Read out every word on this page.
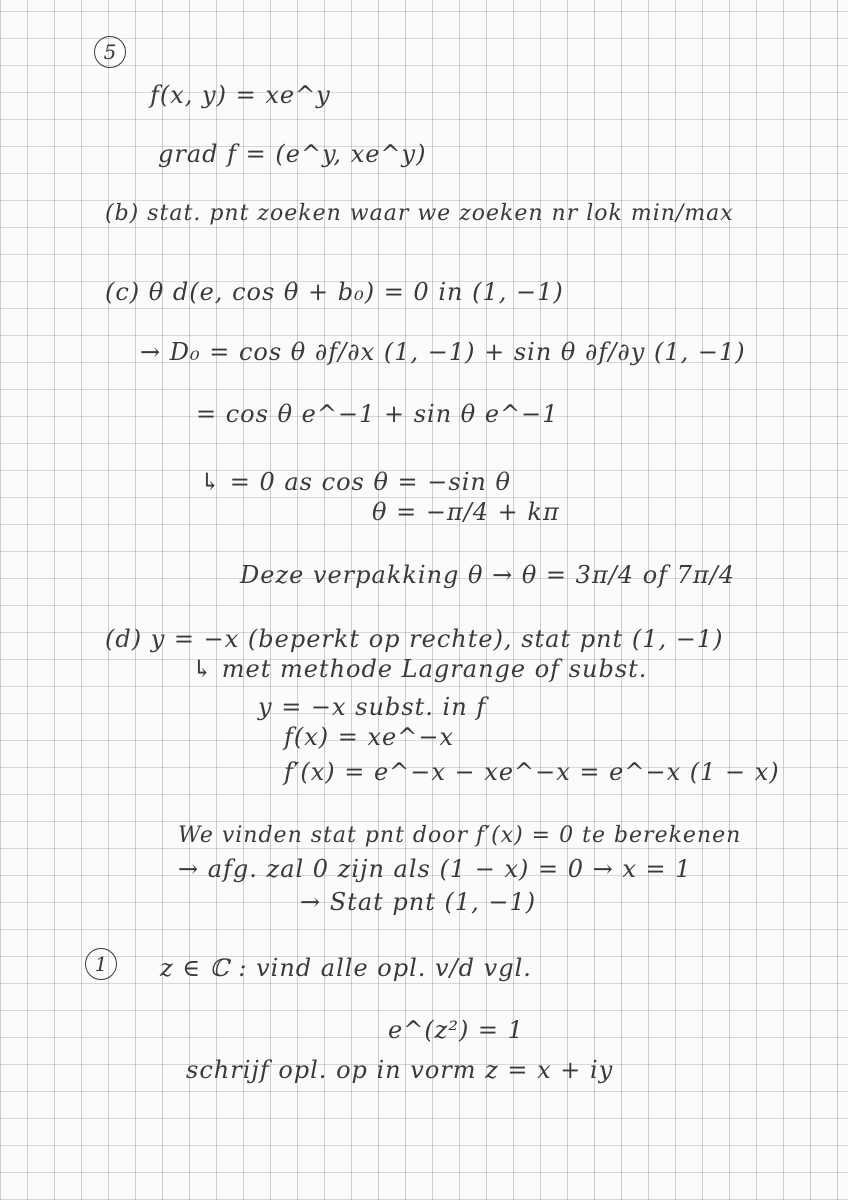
5

f(x, y) = xe^y

grad f = (e^y, xe^y)

(b) stat. pnt zoeken waar we zoeken nr lok min/max

(c) θ d(e, cos θ + b₀) = 0 in (1, −1)

→ D₀ = cos θ ∂f/∂x (1, −1) + sin θ ∂f/∂y (1, −1)

= cos θ e^−1 + sin θ e^−1

↳ = 0 as cos θ = −sin θ

θ = −π/4 + kπ

Deze verpakking θ → θ = 3π/4 of 7π/4

(d) y = −x (beperkt op rechte), stat pnt (1, −1)

↳ met methode Lagrange of subst.

y = −x subst. in f

f(x) = xe^−x

f′(x) = e^−x − xe^−x = e^−x (1 − x)

We vinden stat pnt door f′(x) = 0 te berekenen

→ afg. zal 0 zijn als (1 − x) = 0 → x = 1

→ Stat pnt (1, −1)

1	z ∈ ℂ : vind alle opl. v/d vgl.

e^(z²) = 1

schrijf opl. op in vorm z = x + iy
